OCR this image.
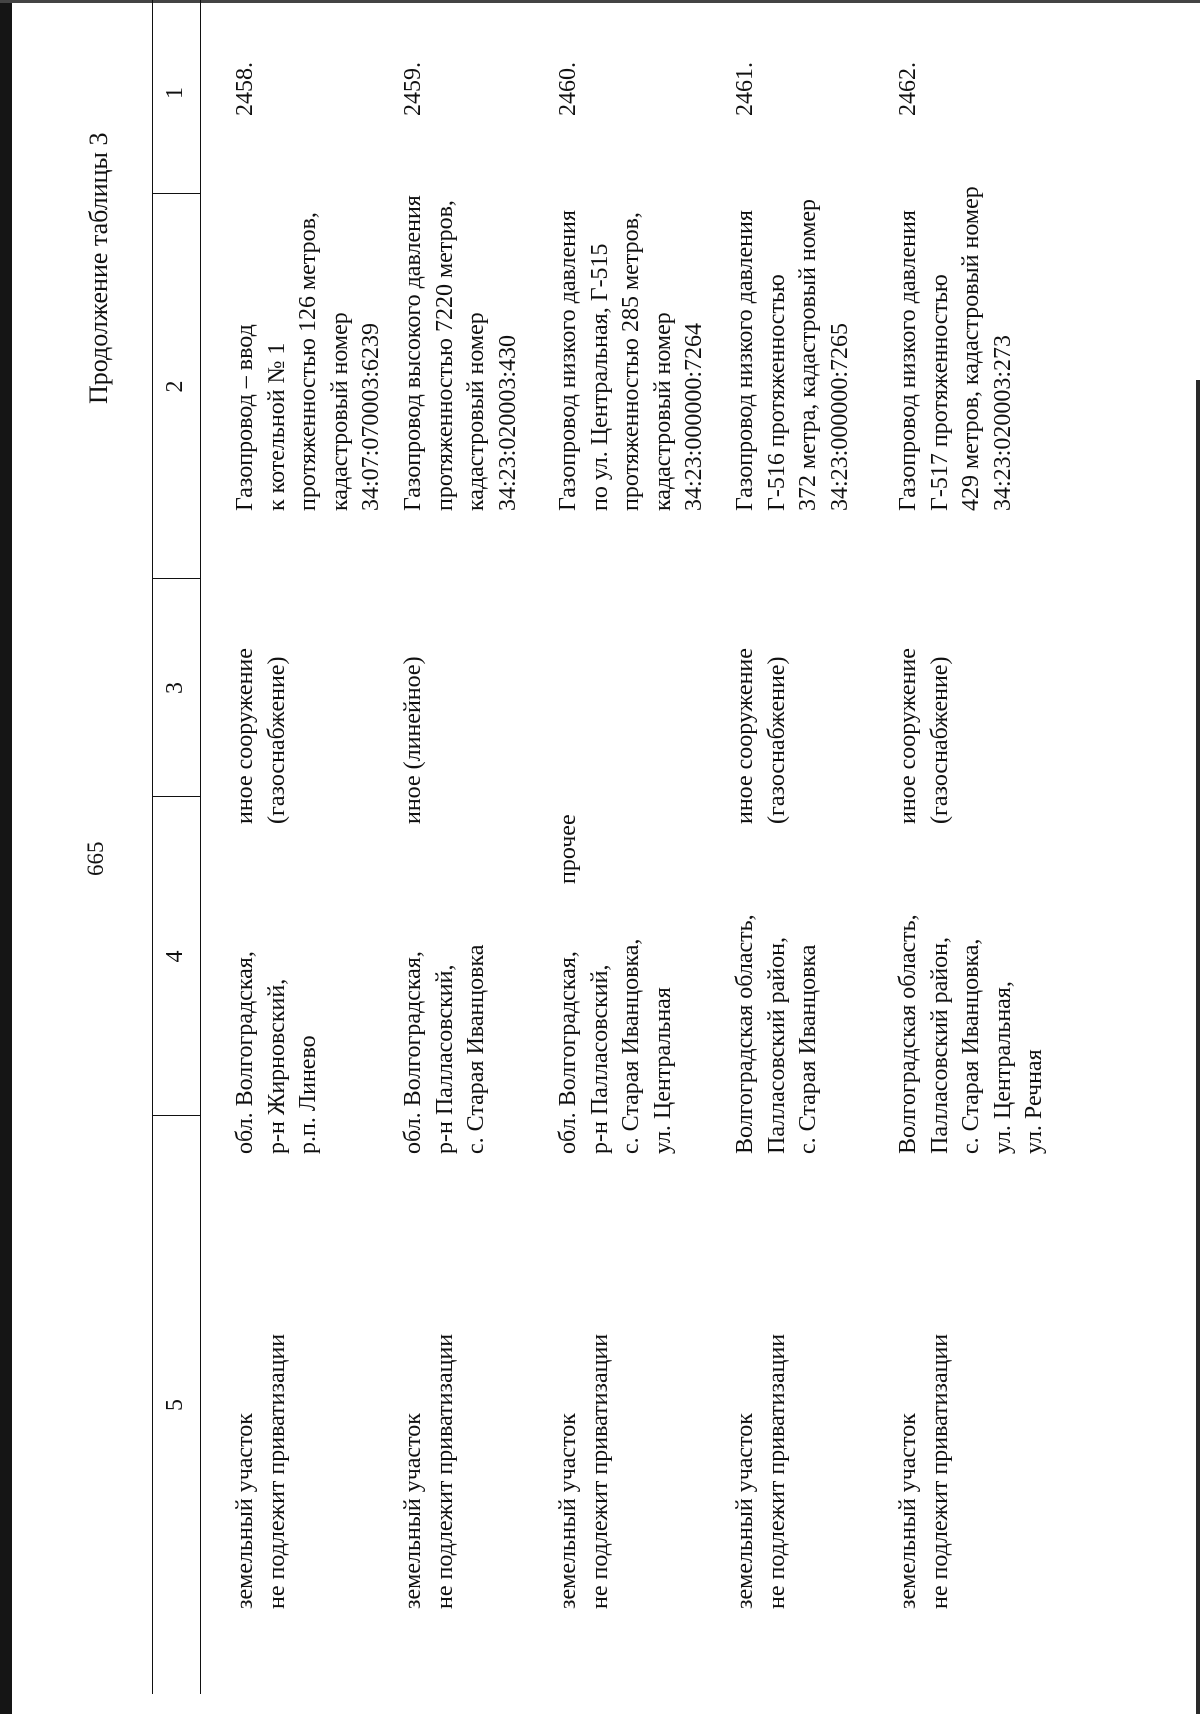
665
Продолжение таблицы 3
1
2
3
4
5
2458.
Газопровод – ввод к котельной № 1 протяженностью 126 метров, кадастровый номер 34:07:070003:6239
иное сооружение (газоснабжение)
обл. Волгоградская, р-н Жирновский, р.п. Линево
земельный участок не подлежит приватизации
2459.
Газопровод высокого давления протяженностью 7220 метров, кадастровый номер 34:23:020003:430
иное (линейное)
обл. Волгоградская, р-н Палласовский, с. Старая Иванцовка
земельный участок не подлежит приватизации
2460.
Газопровод низкого давления по ул. Центральная, Г-515 протяженностью 285 метров, кадастровый номер 34:23:000000:7264
прочее
обл. Волгоградская, р-н Палласовский, с. Старая Иванцовка, ул. Центральная
земельный участок не подлежит приватизации
2461.
Газопровод низкого давления Г-516 протяженностью 372 метра, кадастровый номер 34:23:000000:7265
иное сооружение (газоснабжение)
Волгоградская область, Палласовский район, с. Старая Иванцовка
земельный участок не подлежит приватизации
2462.
Газопровод низкого давления Г-517 протяженностью 429 метров, кадастровый номер 34:23:020003:273
иное сооружение (газоснабжение)
Волгоградская область, Палласовский район, с. Старая Иванцовка, ул. Центральная, ул. Речная
земельный участок не подлежит приватизации
